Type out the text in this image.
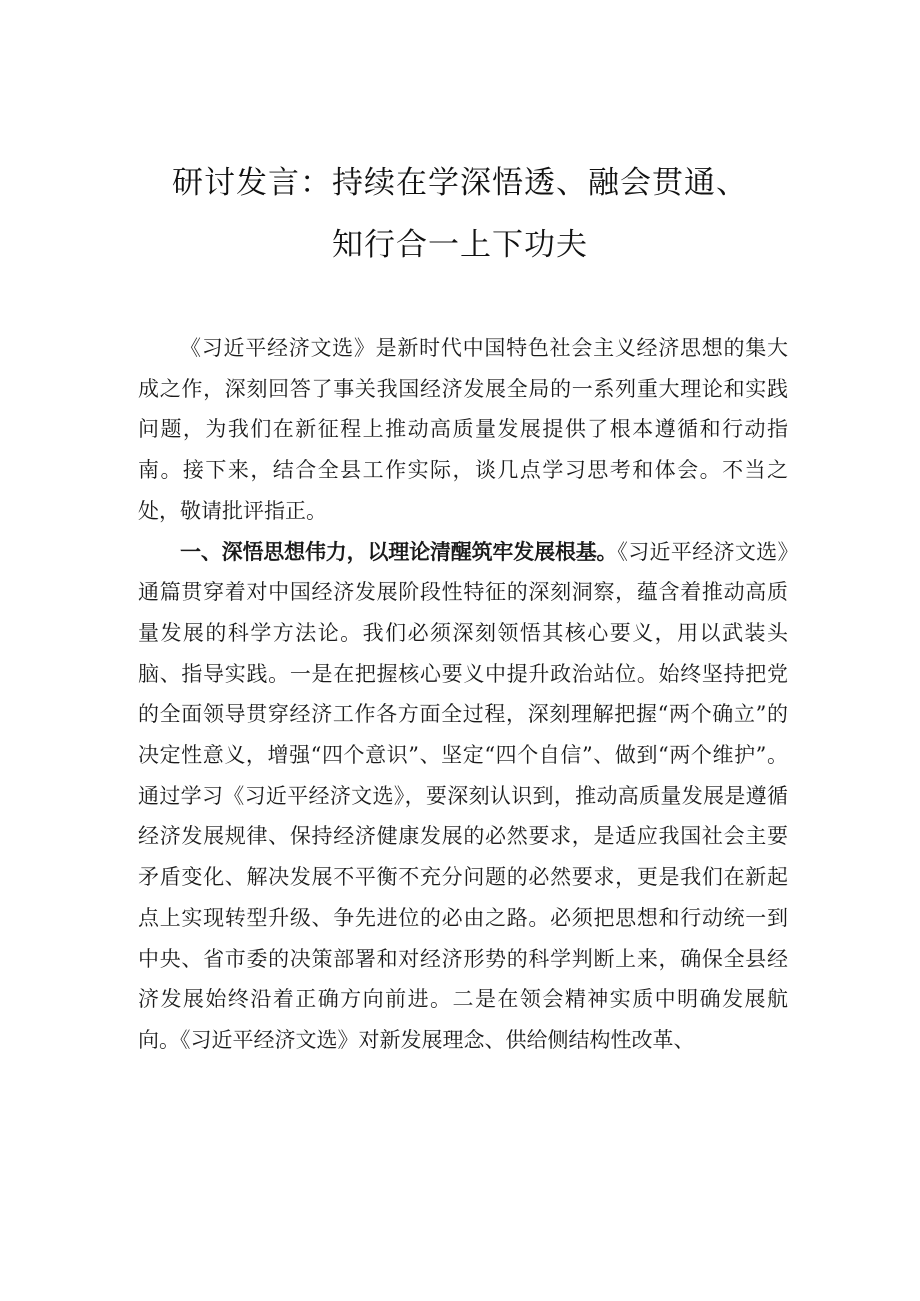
研讨发言：持续在学深悟透、融会贯通、
知行合一上下功夫

《习近平经济文选》是新时代中国特色社会主义经济思想的集大成之作，深刻回答了事关我国经济发展全局的一系列重大理论和实践问题，为我们在新征程上推动高质量发展提供了根本遵循和行动指南。接下来，结合全县工作实际，谈几点学习思考和体会。不当之处，敬请批评指正。

一、深悟思想伟力，以理论清醒筑牢发展根基。《习近平经济文选》通篇贯穿着对中国经济发展阶段性特征的深刻洞察，蕴含着推动高质量发展的科学方法论。我们必须深刻领悟其核心要义，用以武装头脑、指导实践。一是在把握核心要义中提升政治站位。始终坚持把党的全面领导贯穿经济工作各方面全过程，深刻理解把握“两个确立”的决定性意义，增强“四个意识”、坚定“四个自信”、做到“两个维护”。通过学习《习近平经济文选》，要深刻认识到，推动高质量发展是遵循经济发展规律、保持经济健康发展的必然要求，是适应我国社会主要矛盾变化、解决发展不平衡不充分问题的必然要求，更是我们在新起点上实现转型升级、争先进位的必由之路。必须把思想和行动统一到中央、省市委的决策部署和对经济形势的科学判断上来，确保全县经济发展始终沿着正确方向前进。二是在领会精神实质中明确发展航向。《习近平经济文选》对新发展理念、供给侧结构性改革、
